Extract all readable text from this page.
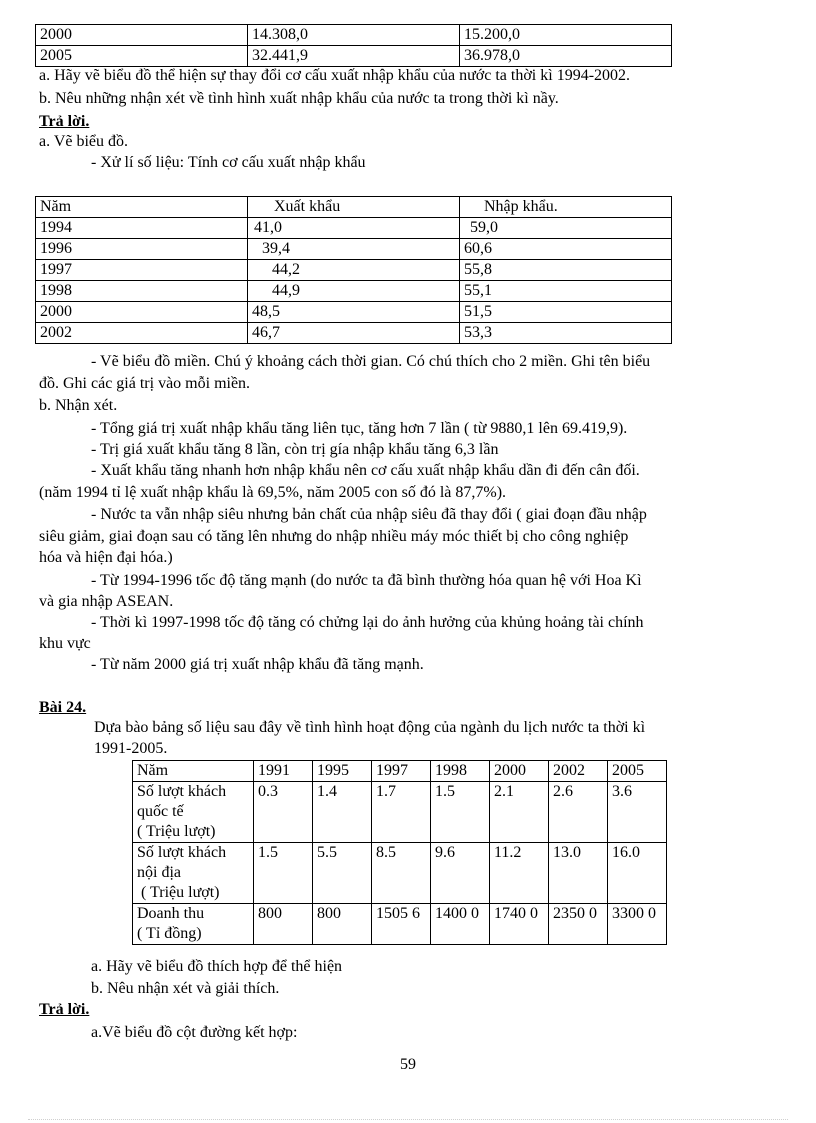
2000	14.308,0	15.200,0
2005	32.441,9	36.978,0
a. Hãy vẽ biểu đồ thể hiện sự thay đổi cơ cấu xuất nhập khẩu của nước ta thời kì 1994-2002.
b. Nêu những nhận xét về tình hình xuất nhập khẩu của nước ta trong thời kì nầy.
Trả lời.
a. Vẽ biểu đồ.
- Xử lí số liệu: Tính cơ cấu xuất nhập khẩu
Năm	Xuất khẩu	Nhập khẩu.
1994	41,0	59,0
1996	39,4	60,6
1997	44,2	55,8
1998	44,9	55,1
2000	48,5	51,5
2002	46,7	53,3
- Vẽ biểu đồ miền. Chú ý khoảng cách thời gian. Có chú thích cho 2 miền. Ghi tên biểu
đồ. Ghi các giá trị vào mỗi miền.
b. Nhận xét.
- Tổng giá trị xuất nhập khẩu tăng liên tục, tăng hơn 7 lần ( từ 9880,1 lên 69.419,9).
- Trị giá xuất khẩu tăng 8 lần, còn trị gía nhập khẩu tăng 6,3 lần
- Xuất khẩu tăng nhanh hơn nhập khẩu nên cơ cấu xuất nhập khẩu dần đi đến cân đối.
(năm 1994 tỉ lệ xuất nhập khẩu là 69,5%, năm 2005 con số đó là 87,7%).
- Nước ta vẫn nhập siêu nhưng bản chất của nhập siêu đã thay đổi ( giai đoạn đầu nhập
siêu giảm, giai đoạn sau có tăng lên nhưng do nhập nhiều máy móc thiết bị cho công nghiệp
hóa và hiện đại hóa.)
- Từ 1994-1996 tốc độ tăng mạnh (do nước ta đã bình thường hóa quan hệ với Hoa Kì
và gia nhập ASEAN.
- Thời kì 1997-1998 tốc độ tăng có chửng lại do ảnh hưởng của khủng hoảng tài chính
khu vực
- Từ năm 2000 giá trị xuất nhập khẩu đã tăng mạnh.
Bài 24.
Dựa bào bảng số liệu sau đây về tình hình hoạt động của ngành du lịch nước ta thời kì
1991-2005.
Năm	1991	1995	1997	1998	2000	2002	2005

Số lượt khách
quốc tế
( Triệu lượt)	0.3	1.4	1.7	1.5	2.1	2.6	3.6

Số lượt khách
nội địa
( Triệu lượt)	1.5	5.5	8.5	9.6	11.2	13.0	16.0

Doanh thu
( Tỉ đồng)	800	800	1505 6	1400 0	1740 0	2350 0	3300 0
a. Hãy vẽ biểu đồ thích hợp để thể hiện
b. Nêu nhận xét và giải thích.
Trả lời.
a.Vẽ biểu đồ cột đường kết hợp:
59
